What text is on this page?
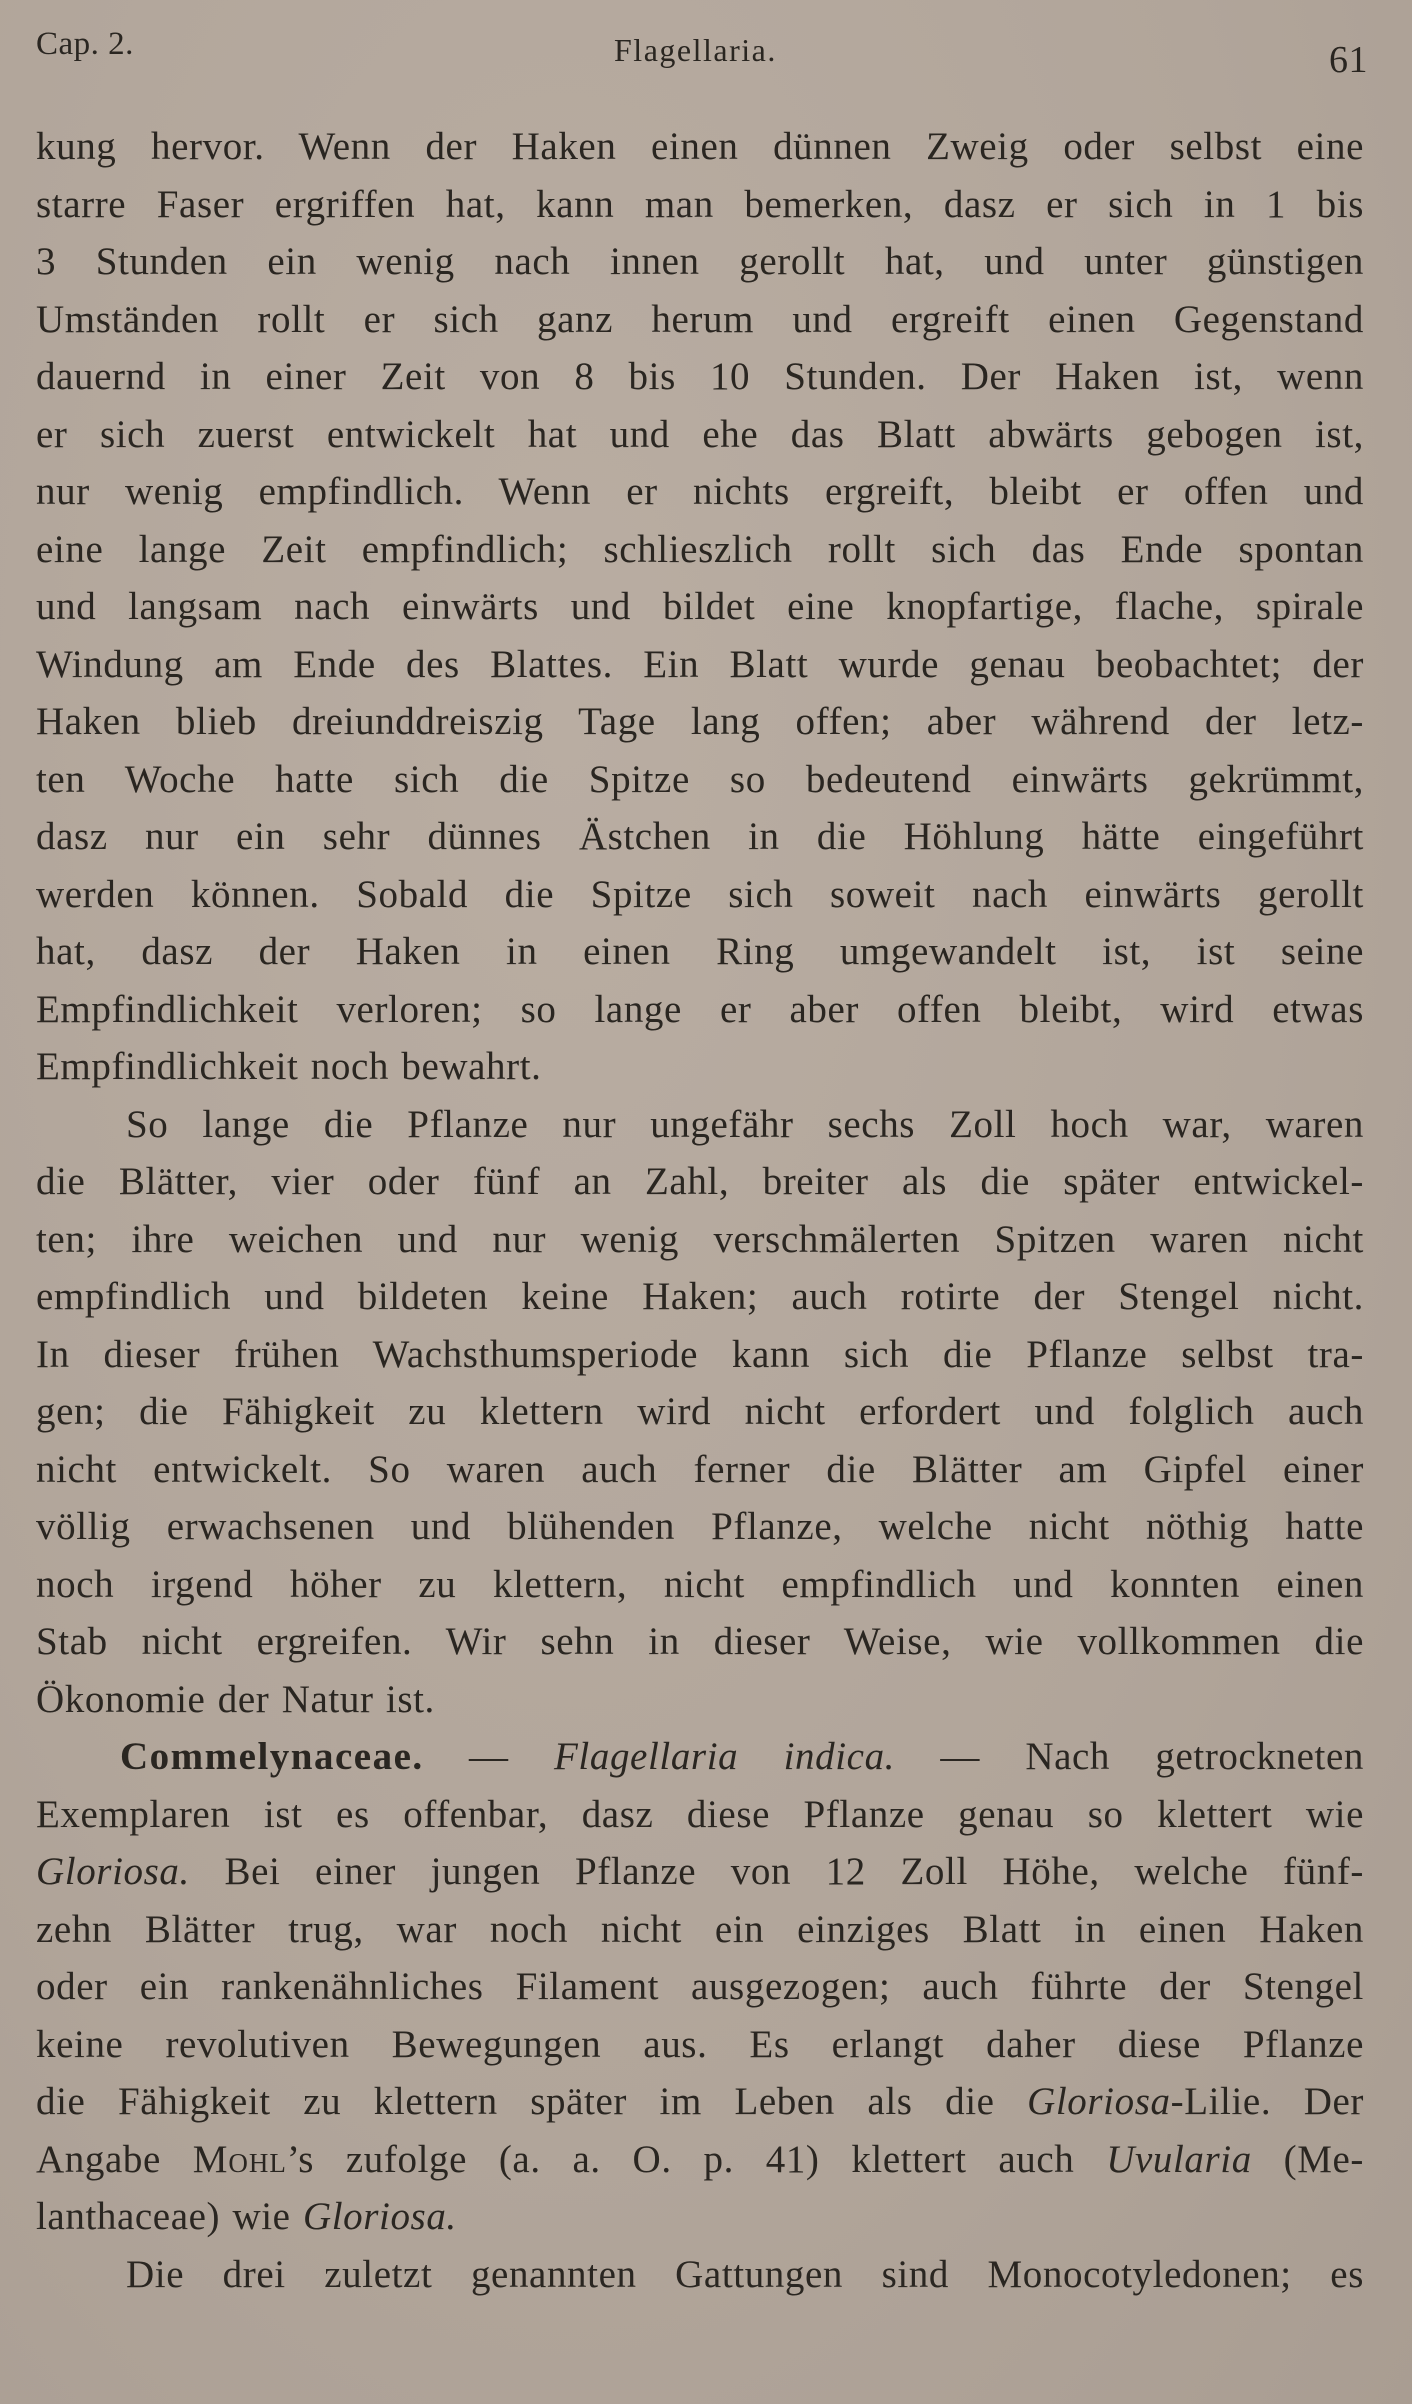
Cap. 2.	Flagellaria.	61
kung hervor. Wenn der Haken einen dünnen Zweig oder selbst eine
starre Faser ergriffen hat, kann man bemerken, dasz er sich in 1 bis
3 Stunden ein wenig nach innen gerollt hat, und unter günstigen
Umständen rollt er sich ganz herum und ergreift einen Gegenstand
dauernd in einer Zeit von 8 bis 10 Stunden. Der Haken ist, wenn
er sich zuerst entwickelt hat und ehe das Blatt abwärts gebogen ist,
nur wenig empfindlich. Wenn er nichts ergreift, bleibt er offen und
eine lange Zeit empfindlich; schlieszlich rollt sich das Ende spontan
und langsam nach einwärts und bildet eine knopfartige, flache, spirale
Windung am Ende des Blattes. Ein Blatt wurde genau beobachtet; der
Haken blieb dreiunddreiszig Tage lang offen; aber während der letz-
ten Woche hatte sich die Spitze so bedeutend einwärts gekrümmt,
dasz nur ein sehr dünnes Ästchen in die Höhlung hätte eingeführt
werden können. Sobald die Spitze sich soweit nach einwärts gerollt
hat, dasz der Haken in einen Ring umgewandelt ist, ist seine
Empfindlichkeit verloren; so lange er aber offen bleibt, wird etwas
Empfindlichkeit noch bewahrt.
So lange die Pflanze nur ungefähr sechs Zoll hoch war, waren
die Blätter, vier oder fünf an Zahl, breiter als die später entwickel-
ten; ihre weichen und nur wenig verschmälerten Spitzen waren nicht
empfindlich und bildeten keine Haken; auch rotirte der Stengel nicht.
In dieser frühen Wachsthumsperiode kann sich die Pflanze selbst tra-
gen; die Fähigkeit zu klettern wird nicht erfordert und folglich auch
nicht entwickelt. So waren auch ferner die Blätter am Gipfel einer
völlig erwachsenen und blühenden Pflanze, welche nicht nöthig hatte
noch irgend höher zu klettern, nicht empfindlich und konnten einen
Stab nicht ergreifen. Wir sehn in dieser Weise, wie vollkommen die
Ökonomie der Natur ist.
Commelynaceae. — Flagellaria indica. — Nach getrockneten
Exemplaren ist es offenbar, dasz diese Pflanze genau so klettert wie
Gloriosa. Bei einer jungen Pflanze von 12 Zoll Höhe, welche fünf-
zehn Blätter trug, war noch nicht ein einziges Blatt in einen Haken
oder ein rankenähnliches Filament ausgezogen; auch führte der Stengel
keine revolutiven Bewegungen aus. Es erlangt daher diese Pflanze
die Fähigkeit zu klettern später im Leben als die Gloriosa-Lilie. Der
Angabe Mohl’s zufolge (a. a. O. p. 41) klettert auch Uvularia (Me-
lanthaceae) wie Gloriosa.
Die drei zuletzt genannten Gattungen sind Monocotyledonen; es
